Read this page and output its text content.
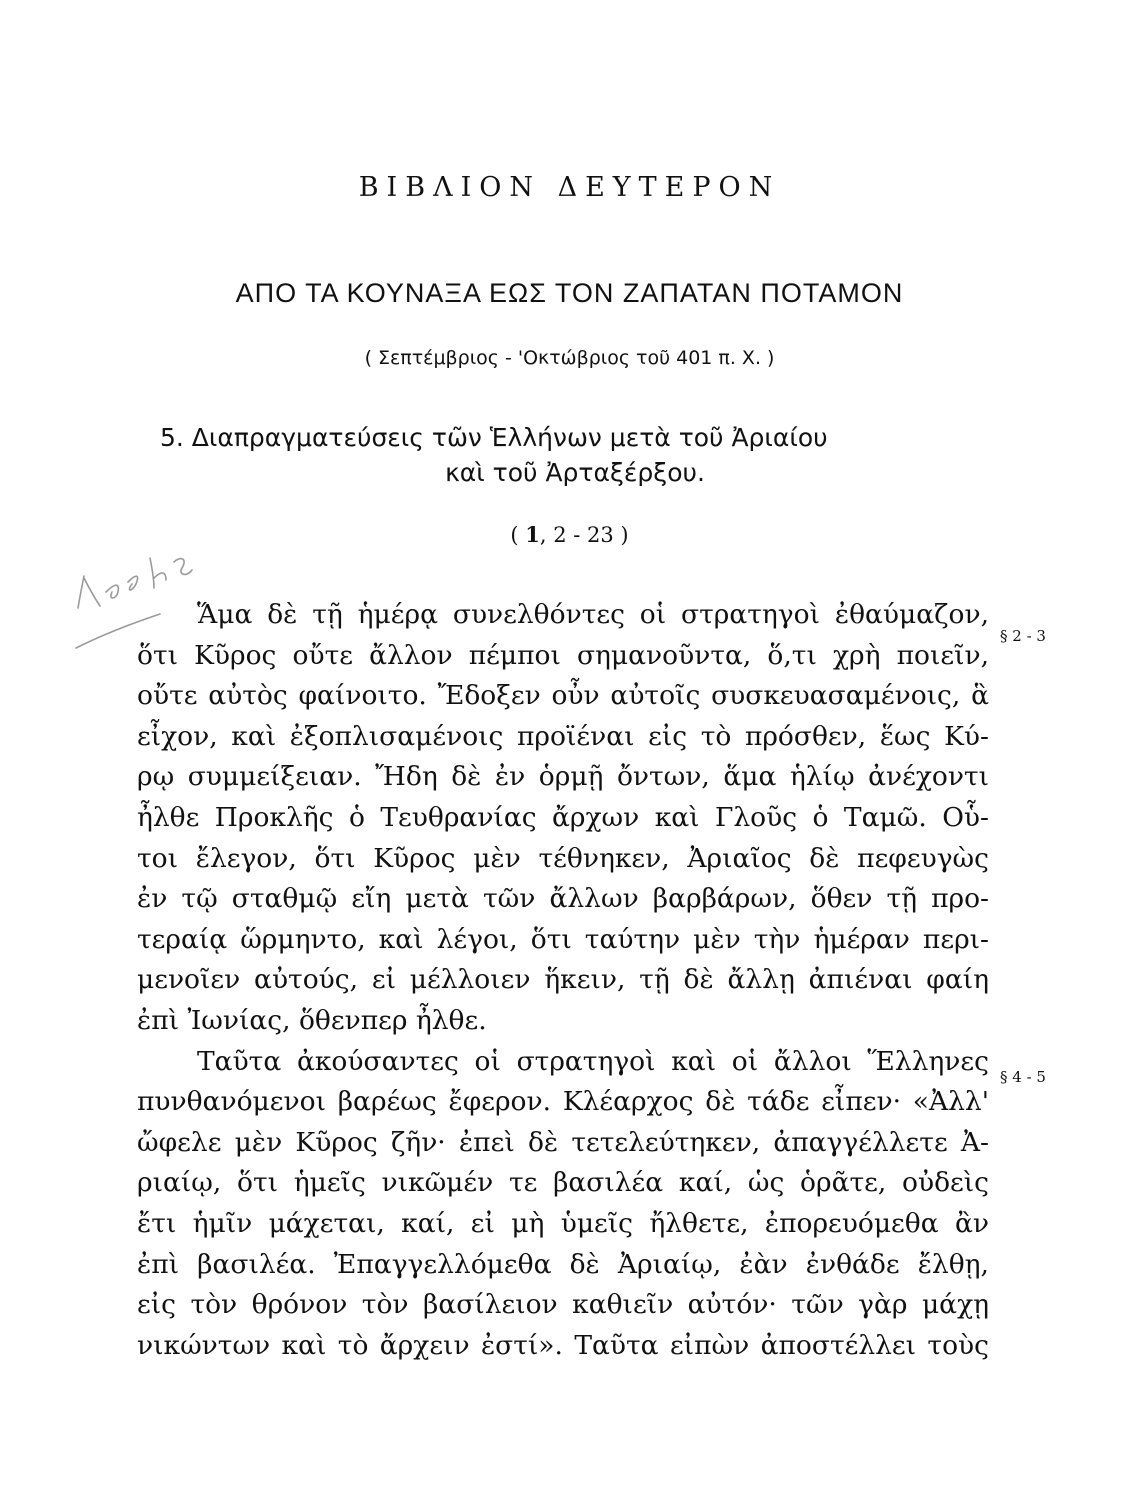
ΒΙΒΛΙΟΝ ΔΕΥΤΕΡΟΝ
ΑΠΟ ΤΑ ΚΟΥΝΑΞΑ ΕΩΣ ΤΟΝ ΖΑΠΑΤΑΝ ΠΟΤΑΜΟΝ
( Σεπτέμβριος - 'Οκτώβριος τοῦ 401 π. Χ. )
5. Διαπραγματεύσεις τῶν Ἑλλήνων μετὰ τοῦ Ἀριαίου
καὶ τοῦ Ἀρταξέρξου.
( 1, 2 - 23 )
Ἅμα δὲ τῇ ἡμέρᾳ συνελθόντες οἱ στρατηγοὶ ἐθαύμαζον,
ὅτι Κῦρος οὔτε ἄλλον πέμποι σημανοῦντα, ὅ,τι χρὴ ποιεῖν,
οὔτε αὐτὸς φαίνοιτο. Ἔδοξεν οὖν αὐτοῖς συσκευασαμένοις, ἃ
εἶχον, καὶ ἐξοπλισαμένοις προϊέναι εἰς τὸ πρόσθεν, ἕως Κύ-
ρῳ συμμείξειαν. Ἤδη δὲ ἐν ὁρμῇ ὄντων, ἅμα ἡλίῳ ἀνέχοντι
ἦλθε Προκλῆς ὁ Τευθρανίας ἄρχων καὶ Γλοῦς ὁ Ταμῶ. Οὗ-
τοι ἔλεγον, ὅτι Κῦρος μὲν τέθνηκεν, Ἀριαῖος δὲ πεφευγὼς
ἐν τῷ σταθμῷ εἴη μετὰ τῶν ἄλλων βαρβάρων, ὅθεν τῇ προ-
τεραίᾳ ὥρμηντο, καὶ λέγοι, ὅτι ταύτην μὲν τὴν ἡμέραν περι-
μενοῖεν αὐτούς, εἰ μέλλοιεν ἥκειν, τῇ δὲ ἄλλῃ ἀπιέναι φαίη
ἐπὶ Ἰωνίας, ὅθενπερ ἦλθε.
Ταῦτα ἀκούσαντες οἱ στρατηγοὶ καὶ οἱ ἄλλοι Ἕλληνες
πυνθανόμενοι βαρέως ἔφερον. Κλέαρχος δὲ τάδε εἶπεν· «Ἀλλ'
ὤφελε μὲν Κῦρος ζῆν· ἐπεὶ δὲ τετελεύτηκεν, ἀπαγγέλλετε Ἀ-
ριαίῳ, ὅτι ἡμεῖς νικῶμέν τε βασιλέα καί, ὡς ὁρᾶτε, οὐδεὶς
ἔτι ἡμῖν μάχεται, καί, εἰ μὴ ὑμεῖς ἤλθετε, ἐπορευόμεθα ἂν
ἐπὶ βασιλέα. Ἐπαγγελλόμεθα δὲ Ἀριαίῳ, ἐὰν ἐνθάδε ἔλθῃ,
εἰς τὸν θρόνον τὸν βασίλειον καθιεῖν αὐτόν· τῶν γὰρ μάχῃ
νικώντων καὶ τὸ ἄρχειν ἐστί». Ταῦτα εἰπὼν ἀποστέλλει τοὺς
§ 2 - 3
§ 4 - 5
